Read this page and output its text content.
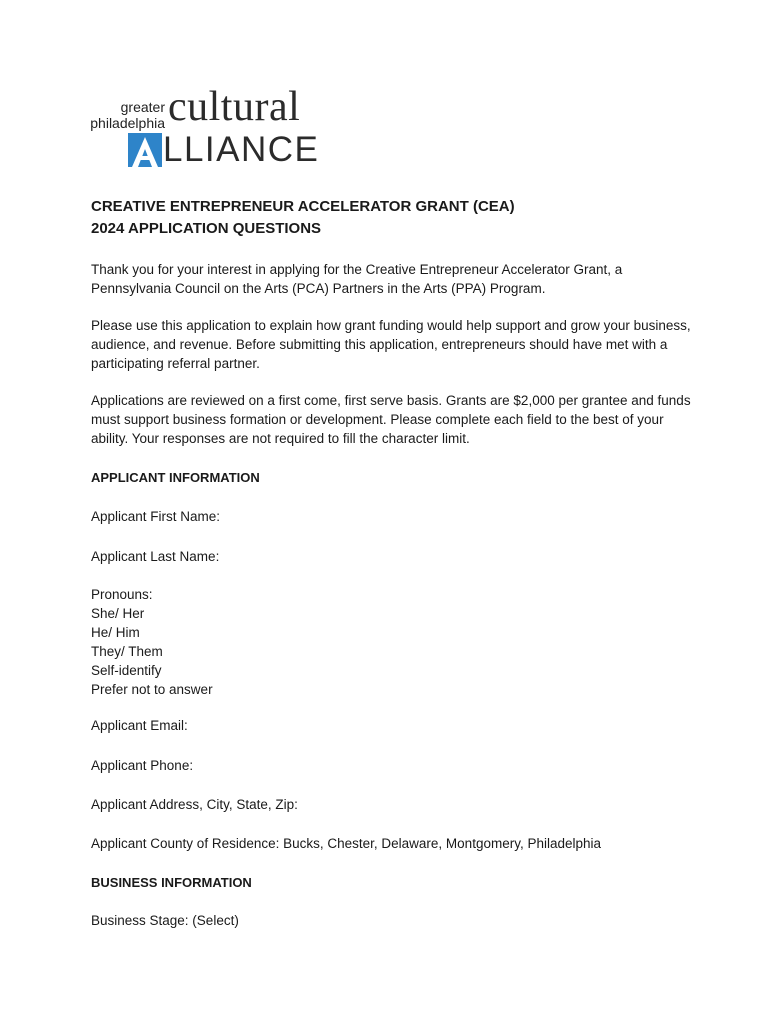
greater
philadelphia cultural
LLIANCE
CREATIVE ENTREPRENEUR ACCELERATOR GRANT (CEA)
2024 APPLICATION QUESTIONS

Thank you for your interest in applying for the Creative Entrepreneur Accelerator Grant, a Pennsylvania Council on the Arts (PCA) Partners in the Arts (PPA) Program.

Please use this application to explain how grant funding would help support and grow your business, audience, and revenue. Before submitting this application, entrepreneurs should have met with a participating referral partner.

Applications are reviewed on a first come, first serve basis. Grants are $2,000 per grantee and funds must support business formation or development. Please complete each field to the best of your ability. Your responses are not required to fill the character limit.

APPLICANT INFORMATION
Applicant First Name:
Applicant Last Name:
Pronouns:
She/ Her
He/ Him
They/ Them
Self-identify
Prefer not to answer
Applicant Email:
Applicant Phone:
Applicant Address, City, State, Zip:
Applicant County of Residence: Bucks, Chester, Delaware, Montgomery, Philadelphia
BUSINESS INFORMATION
Business Stage: (Select)
